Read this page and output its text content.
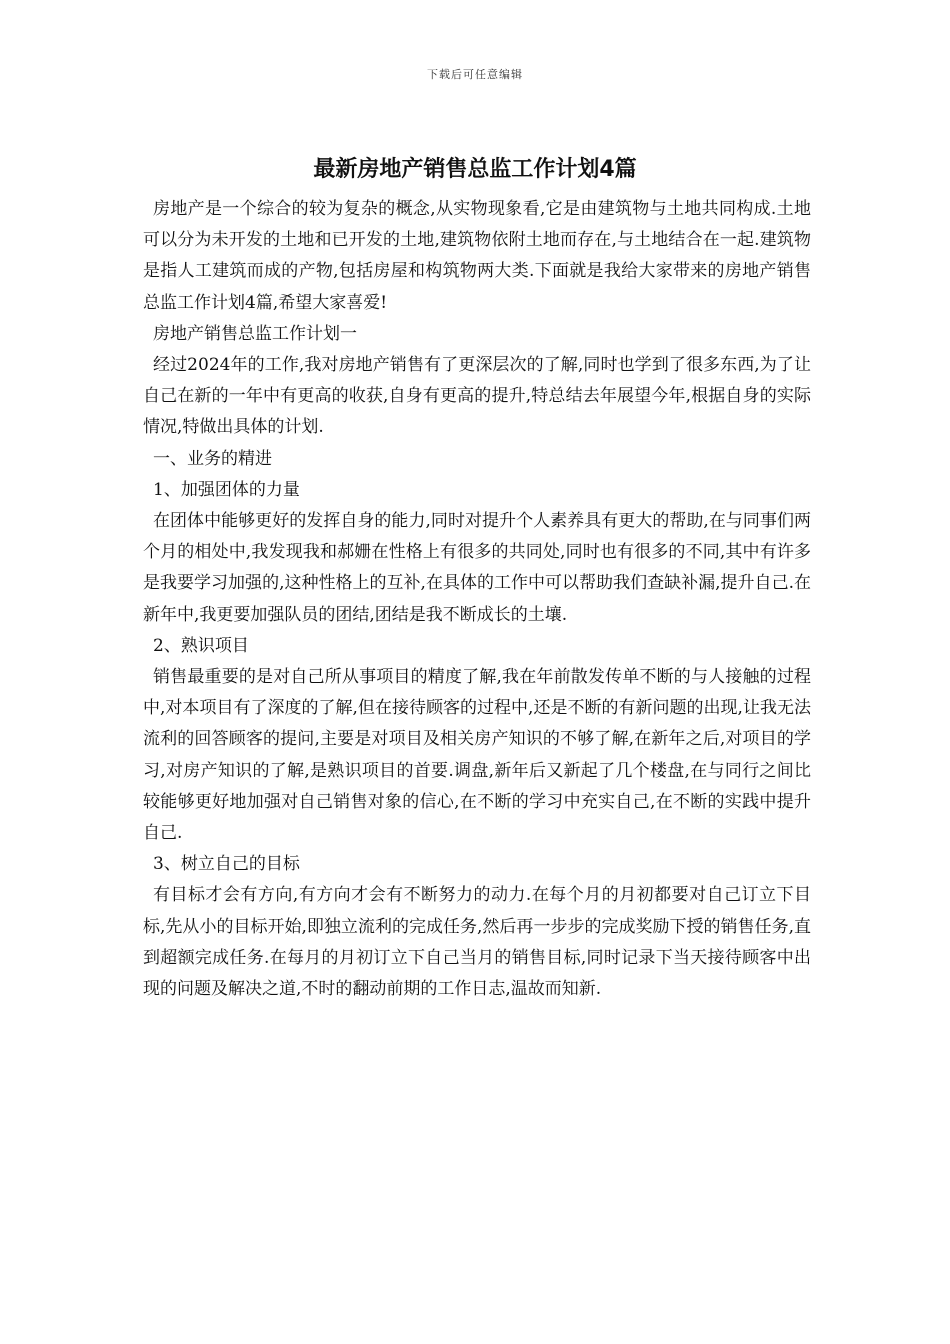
下载后可任意编辑
最新房地产销售总监工作计划4篇

房地产是一个综合的较为复杂的概念,从实物现象看,它是由建筑物与土地共同构成.土地可以分为未开发的土地和已开发的土地,建筑物依附土地而存在,与土地结合在一起.建筑物是指人工建筑而成的产物,包括房屋和构筑物两大类.下面就是我给大家带来的房地产销售总监工作计划4篇,希望大家喜爱!

房地产销售总监工作计划一

经过2024年的工作,我对房地产销售有了更深层次的了解,同时也学到了很多东西,为了让自己在新的一年中有更高的收获,自身有更高的提升,特总结去年展望今年,根据自身的实际情况,特做出具体的计划.

一、业务的精进

1、加强团体的力量

在团体中能够更好的发挥自身的能力,同时对提升个人素养具有更大的帮助,在与同事们两个月的相处中,我发现我和郝姗在性格上有很多的共同处,同时也有很多的不同,其中有许多是我要学习加强的,这种性格上的互补,在具体的工作中可以帮助我们查缺补漏,提升自己.在新年中,我更要加强队员的团结,团结是我不断成长的土壤.

2、熟识项目

销售最重要的是对自己所从事项目的精度了解,我在年前散发传单不断的与人接触的过程中,对本项目有了深度的了解,但在接待顾客的过程中,还是不断的有新问题的出现,让我无法流利的回答顾客的提问,主要是对项目及相关房产知识的不够了解,在新年之后,对项目的学习,对房产知识的了解,是熟识项目的首要.调盘,新年后又新起了几个楼盘,在与同行之间比较能够更好地加强对自己销售对象的信心,在不断的学习中充实自己,在不断的实践中提升自己.

3、树立自己的目标

有目标才会有方向,有方向才会有不断努力的动力.在每个月的月初都要对自己订立下目标,先从小的目标开始,即独立流利的完成任务,然后再一步步的完成奖励下授的销售任务,直到超额完成任务.在每月的月初订立下自己当月的销售目标,同时记录下当天接待顾客中出现的问题及解决之道,不时的翻动前期的工作日志,温故而知新.
